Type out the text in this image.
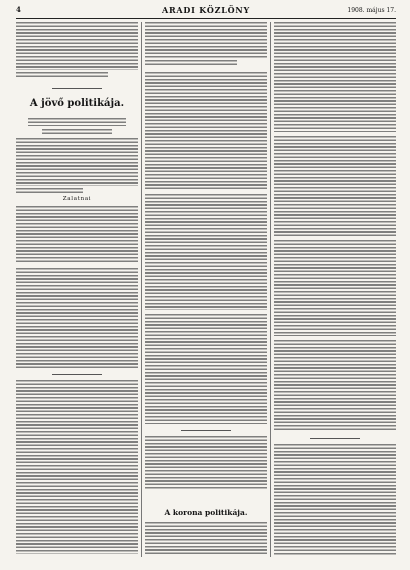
4	ARADI KÖZLÖNY	1908. május 17.
A jövő politikája.
Zalatnai
A korona politikája.
